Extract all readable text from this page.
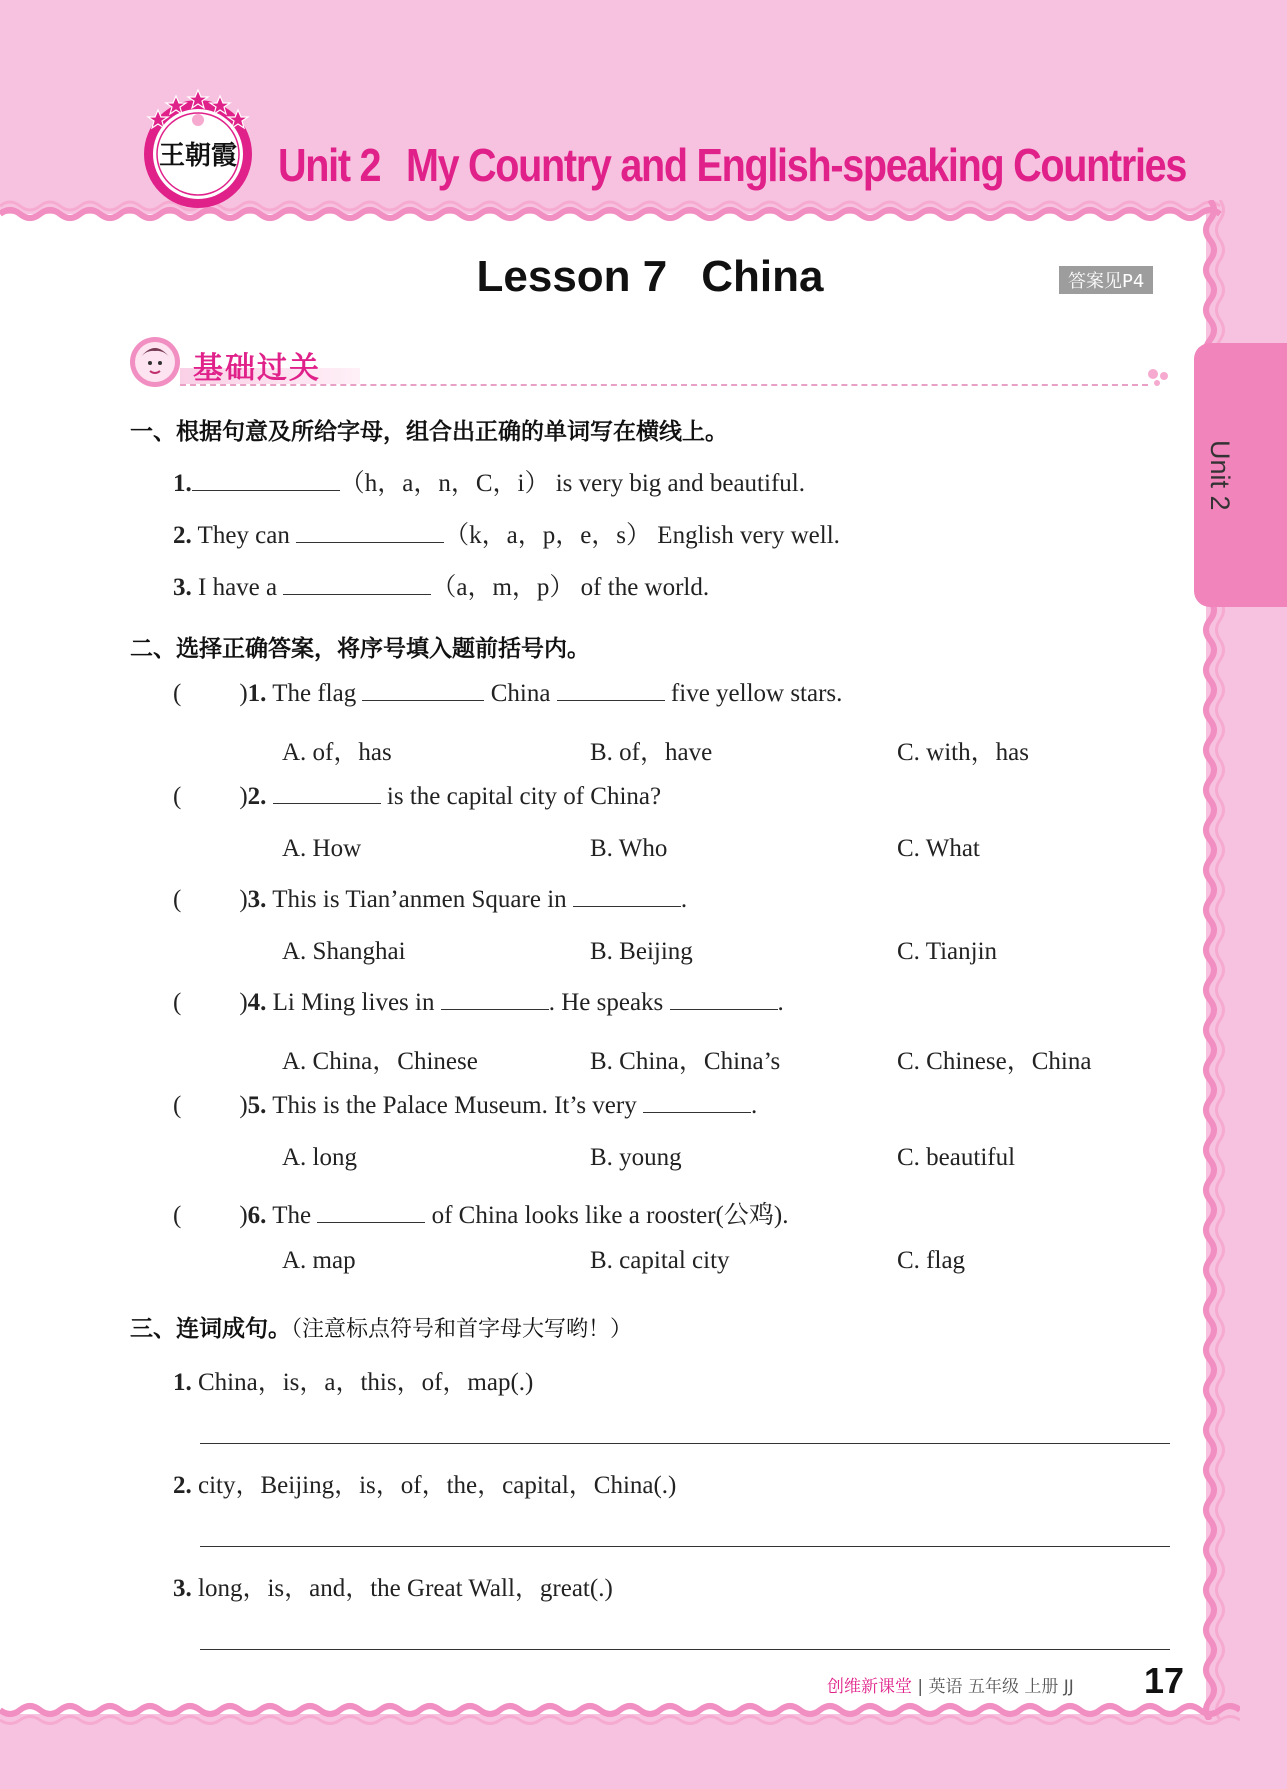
Unit 2
王朝霞 Unit 2 My Country and English-speaking Countries
Lesson 7 China	答案见P4
基础过关
一、根据句意及所给字母，组合出正确的单词写在横线上。
1.	（h，a，n，C，i） is very big and beautiful.
2. They can	（k，a，p，e，s） English very well.
3. I have a	（a，m，p） of the world.
二、选择正确答案，将序号填入题前括号内。
( )1. The flag	China	five yellow stars.
A. of，has	B. of，have	C. with，has
( )2.	is the capital city of China?
A. How	B. Who	C. What
( )3. This is Tian’anmen Square in	.
A. Shanghai	B. Beijing	C. Tianjin
( )4. Li Ming lives in	. He speaks	.
A. China，Chinese	B. China，China’s	C. Chinese，China
( )5. This is the Palace Museum. It’s very	.
A. long	B. young	C. beautiful
( )6. The	of China looks like a rooster(公鸡).
A. map	B. capital city	C. flag
三、连词成句。（注意标点符号和首字母大写哟！）
1. China，is，a，this，of，map(.)
2. city，Beijing，is，of，the，capital，China(.)
3. long，is，and，the Great Wall，great(.)
创维新课堂 | 英语 五年级 上册 JJ 17
